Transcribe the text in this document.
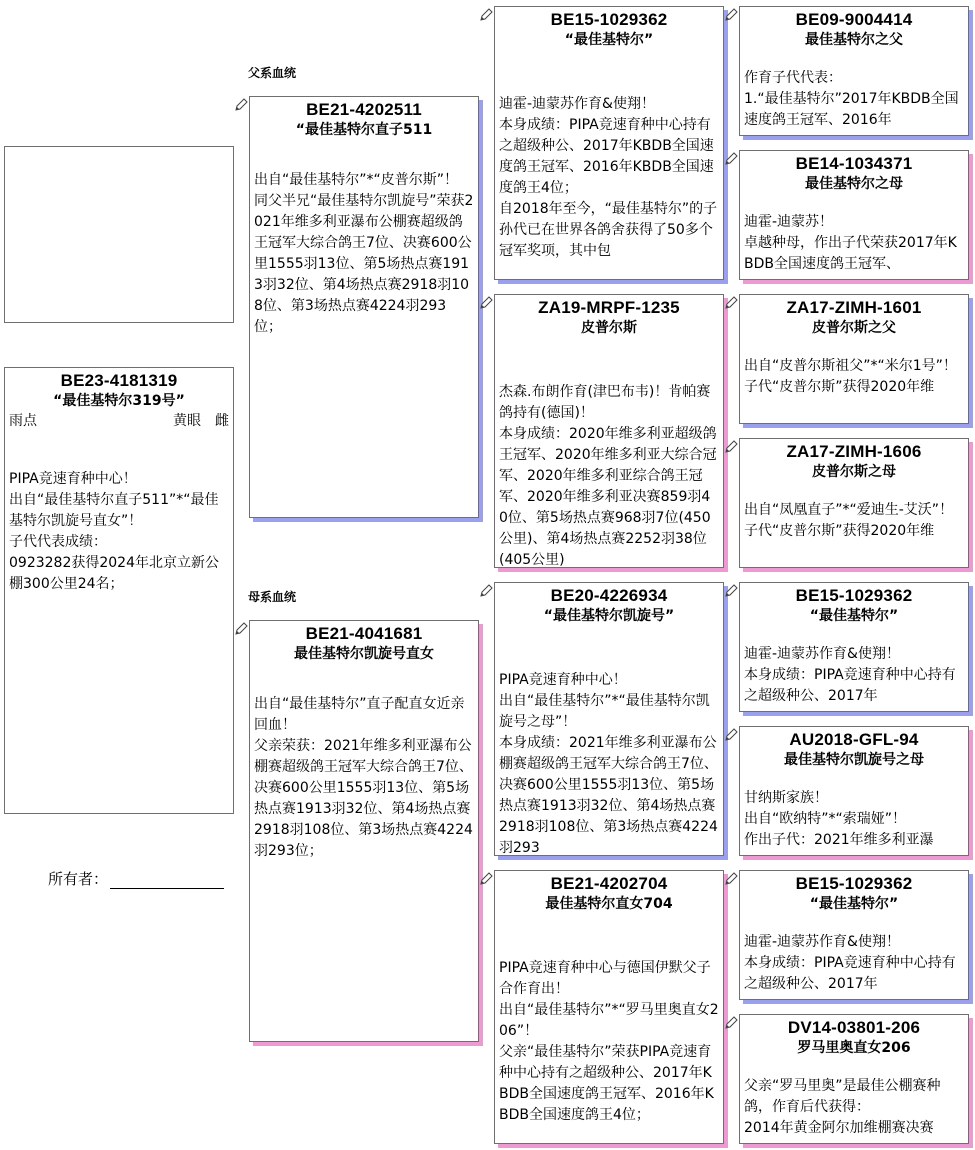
BE23-4181319
“最佳基特尔319号”
雨点	黄眼 雌
PIPA竞速育种中心！
出自“最佳基特尔直子511”*“最佳基特尔凯旋号直女”！
子代代表成绩：
0923282获得2024年北京立新公棚300公里24名；
所有者：
父系血统
母系血统
BE21-4202511
“最佳基特尔直子511
出自“最佳基特尔”*“皮普尔斯”！
同父半兄“最佳基特尔凯旋号”荣获2021年维多利亚瀑布公棚赛超级鸽王冠军大综合鸽王7位、决赛600公里1555羽13位、第5场热点赛1913羽32位、第4场热点赛2918羽108位、第3场热点赛4224羽293位；
BE21-4041681
最佳基特尔凯旋号直女
出自“最佳基特尔”直子配直女近亲回血！
父亲荣获：2021年维多利亚瀑布公棚赛超级鸽王冠军大综合鸽王7位、决赛600公里1555羽13位、第5场热点赛1913羽32位、第4场热点赛2918羽108位、第3场热点赛4224羽293位；
BE15-1029362
“最佳基特尔”
迪霍-迪蒙苏作育&使翔！
本身成绩：PIPA竞速育种中心持有之超级种公、2017年KBDB全国速度鸽王冠军、2016年KBDB全国速度鸽王4位；
自2018年至今，“最佳基特尔”的子孙代已在世界各鸽舍获得了50多个冠军奖项，其中包
ZA19-MRPF-1235
皮普尔斯
杰森.布朗作育(津巴布韦)！肯帕赛鸽持有(德国)！
本身成绩：2020年维多利亚超级鸽王冠军、2020年维多利亚大综合冠军、2020年维多利亚综合鸽王冠军、2020年维多利亚决赛859羽40位、第5场热点赛968羽7位(450公里)、第4场热点赛2252羽38位(405公里)
BE20-4226934
“最佳基特尔凯旋号”
PIPA竞速育种中心！
出自“最佳基特尔”*“最佳基特尔凯旋号之母”！
本身成绩：2021年维多利亚瀑布公棚赛超级鸽王冠军大综合鸽王7位、决赛600公里1555羽13位、第5场热点赛1913羽32位、第4场热点赛2918羽108位、第3场热点赛4224羽293
BE21-4202704
最佳基特尔直女704
PIPA竞速育种中心与德国伊默父子合作育出！
出自“最佳基特尔”*“罗马里奥直女206”！
父亲“最佳基特尔”荣获PIPA竞速育种中心持有之超级种公、2017年KBDB全国速度鸽王冠军、2016年KBDB全国速度鸽王4位；
BE09-9004414
最佳基特尔之父
作育子代代表：
1.“最佳基特尔”2017年KBDB全国速度鸽王冠军、2016年
BE14-1034371
最佳基特尔之母
迪霍-迪蒙苏！
卓越种母，作出子代荣获2017年KBDB全国速度鸽王冠军、
ZA17-ZIMH-1601
皮普尔斯之父
出自“皮普尔斯祖父”*“米尔1号”！
子代“皮普尔斯”获得2020年维
ZA17-ZIMH-1606
皮普尔斯之母
出自“凤凰直子”*“爱迪生-艾沃”！
子代“皮普尔斯”获得2020年维
BE15-1029362
“最佳基特尔”
迪霍-迪蒙苏作育&使翔！
本身成绩：PIPA竞速育种中心持有之超级种公、2017年
AU2018-GFL-94
最佳基特尔凯旋号之母
甘纳斯家族！
出自“欧纳特”*“索瑞娅”！
作出子代：2021年维多利亚瀑
BE15-1029362
“最佳基特尔”
迪霍-迪蒙苏作育&使翔！
本身成绩：PIPA竞速育种中心持有之超级种公、2017年
DV14-03801-206
罗马里奥直女206
父亲“罗马里奥”是最佳公棚赛种鸽，作育后代获得：
2014年黄金阿尔加维棚赛决赛
